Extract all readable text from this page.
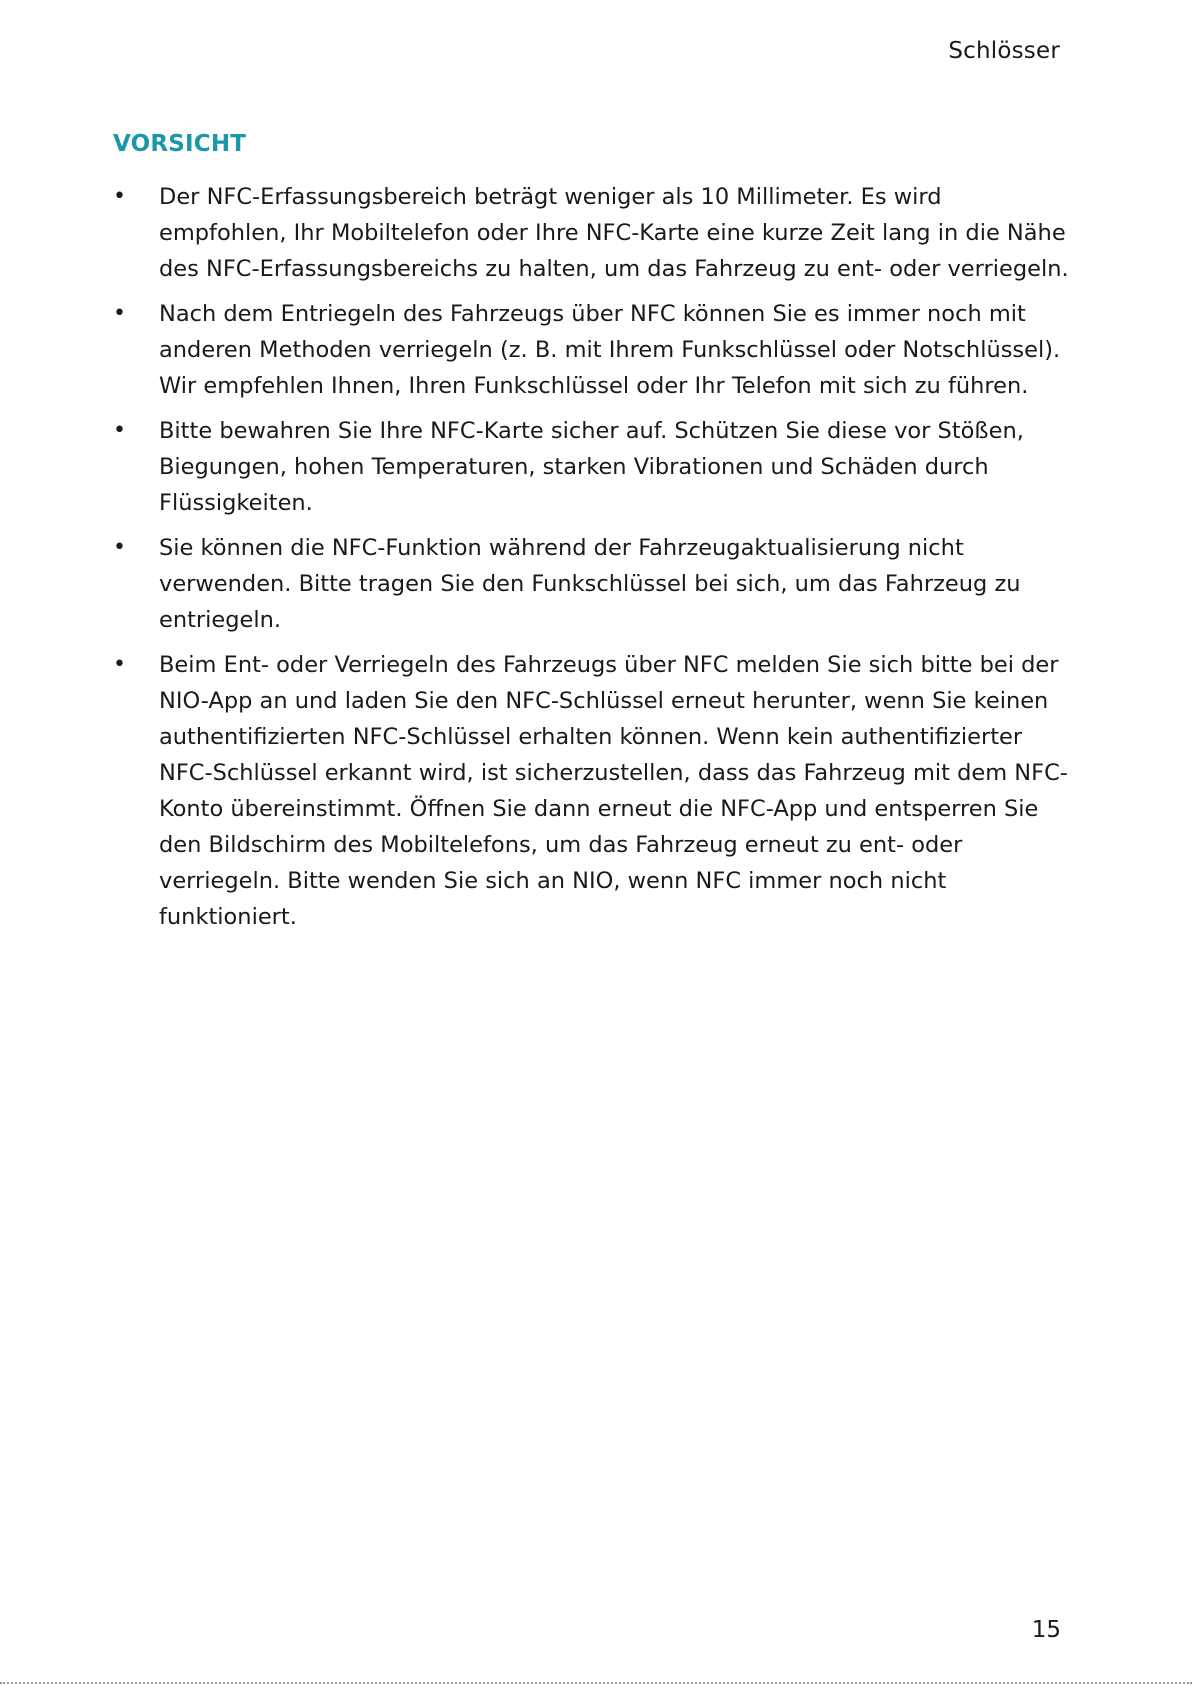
Schlösser
VORSICHT
• Der NFC-Erfassungsbereich beträgt weniger als 10 Millimeter. Es wird empfohlen, Ihr Mobiltelefon oder Ihre NFC-Karte eine kurze Zeit lang in die Nähe des NFC-Erfassungsbereichs zu halten, um das Fahrzeug zu ent- oder verriegeln.
• Nach dem Entriegeln des Fahrzeugs über NFC können Sie es immer noch mit anderen Methoden verriegeln (z. B. mit Ihrem Funkschlüssel oder Notschlüssel). Wir empfehlen Ihnen, Ihren Funkschlüssel oder Ihr Telefon mit sich zu führen.
• Bitte bewahren Sie Ihre NFC-Karte sicher auf. Schützen Sie diese vor Stößen, Biegungen, hohen Temperaturen, starken Vibrationen und Schäden durch Flüssigkeiten.
• Sie können die NFC-Funktion während der Fahrzeugaktualisierung nicht verwenden. Bitte tragen Sie den Funkschlüssel bei sich, um das Fahrzeug zu entriegeln.
• Beim Ent- oder Verriegeln des Fahrzeugs über NFC melden Sie sich bitte bei der NIO-App an und laden Sie den NFC-Schlüssel erneut herunter, wenn Sie keinen authentifizierten NFC-Schlüssel erhalten können. Wenn kein authentifizierter NFC-Schlüssel erkannt wird, ist sicherzustellen, dass das Fahrzeug mit dem NFC-Konto übereinstimmt. Öffnen Sie dann erneut die NFC-App und entsperren Sie den Bildschirm des Mobiltelefons, um das Fahrzeug erneut zu ent- oder verriegeln. Bitte wenden Sie sich an NIO, wenn NFC immer noch nicht funktioniert.
15
